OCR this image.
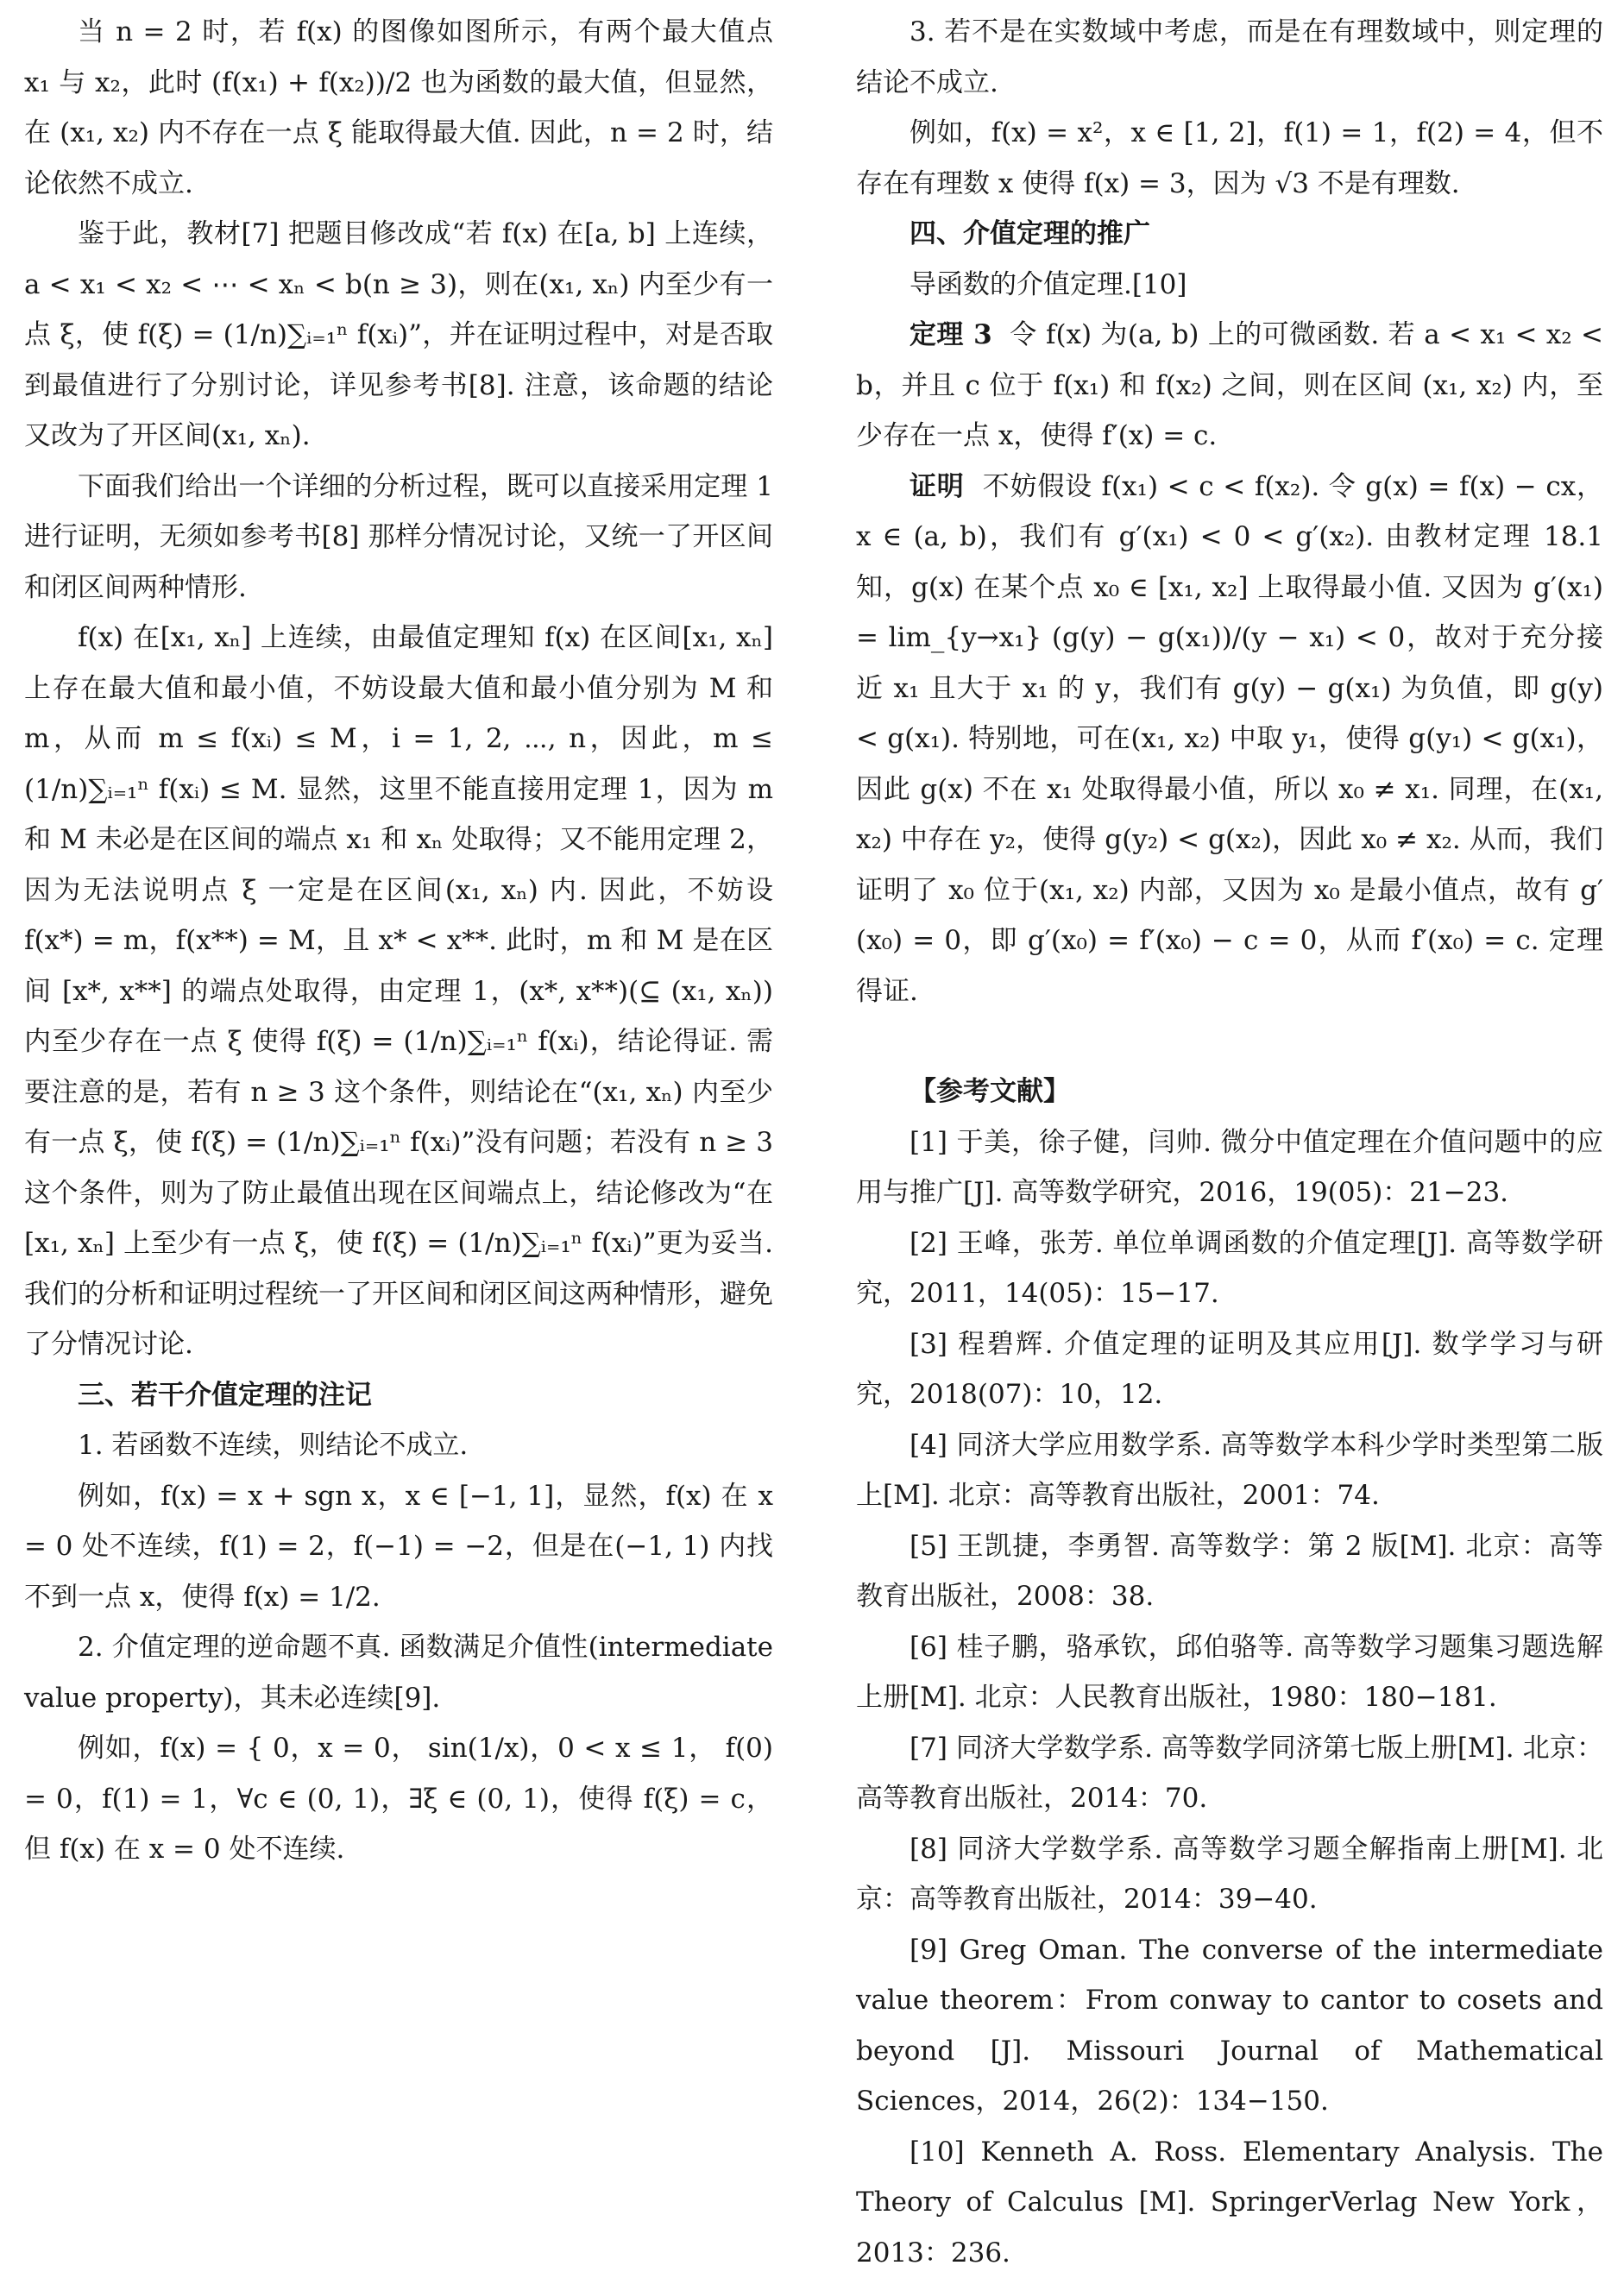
当 n = 2 时，若 f(x) 的图像如图所示，有两个最大值点 x₁ 与 x₂，此时 (f(x₁) + f(x₂))/2 也为函数的最大值，但显然，在 (x₁, x₂) 内不存在一点 ξ 能取得最大值. 因此，n = 2 时，结论依然不成立.

鉴于此，教材[7] 把题目修改成“若 f(x) 在[a, b] 上连续，a < x₁ < x₂ < ⋯ < xₙ < b(n ≥ 3)，则在(x₁, xₙ) 内至少有一点 ξ，使 f(ξ) = (1/n)∑ᵢ₌₁ⁿ f(xᵢ)”，并在证明过程中，对是否取到最值进行了分别讨论，详见参考书[8]. 注意，该命题的结论又改为了开区间(x₁, xₙ).

下面我们给出一个详细的分析过程，既可以直接采用定理 1 进行证明，无须如参考书[8] 那样分情况讨论，又统一了开区间和闭区间两种情形.

f(x) 在[x₁, xₙ] 上连续，由最值定理知 f(x) 在区间[x₁, xₙ] 上存在最大值和最小值，不妨设最大值和最小值分别为 M 和 m，从而 m ≤ f(xᵢ) ≤ M，i = 1, 2, ⋯, n，因此，m ≤ (1/n)∑ᵢ₌₁ⁿ f(xᵢ) ≤ M. 显然，这里不能直接用定理 1，因为 m 和 M 未必是在区间的端点 x₁ 和 xₙ 处取得；又不能用定理 2，因为无法说明点 ξ 一定是在区间(x₁, xₙ) 内. 因此，不妨设 f(x*) = m，f(x**) = M，且 x* < x**. 此时，m 和 M 是在区间 [x*, x**] 的端点处取得，由定理 1，(x*, x**)(⊆ (x₁, xₙ)) 内至少存在一点 ξ 使得 f(ξ) = (1/n)∑ᵢ₌₁ⁿ f(xᵢ)，结论得证. 需要注意的是，若有 n ≥ 3 这个条件，则结论在“(x₁, xₙ) 内至少有一点 ξ，使 f(ξ) = (1/n)∑ᵢ₌₁ⁿ f(xᵢ)”没有问题；若没有 n ≥ 3 这个条件，则为了防止最值出现在区间端点上，结论修改为“在[x₁, xₙ] 上至少有一点 ξ，使 f(ξ) = (1/n)∑ᵢ₌₁ⁿ f(xᵢ)”更为妥当. 我们的分析和证明过程统一了开区间和闭区间这两种情形，避免了分情况讨论.

三、若干介值定理的注记

1. 若函数不连续，则结论不成立.

例如，f(x) = x + sgn x，x ∈ [−1, 1]，显然，f(x) 在 x = 0 处不连续，f(1) = 2，f(−1) = −2，但是在(−1, 1) 内找不到一点 x，使得 f(x) = 1/2.

2. 介值定理的逆命题不真. 函数满足介值性(intermediate value property)，其未必连续[9].

例如，f(x) = { 0，x = 0， sin(1/x)，0 < x ≤ 1， f(0) = 0，f(1) = 1，∀c ∈ (0, 1)，∃ξ ∈ (0, 1)，使得 f(ξ) = c，但 f(x) 在 x = 0 处不连续.

3. 若不是在实数域中考虑，而是在有理数域中，则定理的结论不成立.

例如，f(x) = x²，x ∈ [1, 2]，f(1) = 1，f(2) = 4，但不存在有理数 x 使得 f(x) = 3，因为 √3 不是有理数.

四、介值定理的推广

导函数的介值定理.[10]

定理 3 令 f(x) 为(a, b) 上的可微函数. 若 a < x₁ < x₂ < b，并且 c 位于 f(x₁) 和 f(x₂) 之间，则在区间 (x₁, x₂) 内，至少存在一点 x，使得 f′(x) = c.

证明 不妨假设 f(x₁) < c < f(x₂). 令 g(x) = f(x) − cx，x ∈ (a, b)，我们有 g′(x₁) < 0 < g′(x₂). 由教材定理 18.1 知，g(x) 在某个点 x₀ ∈ [x₁, x₂] 上取得最小值. 又因为 g′(x₁) = lim_{y→x₁} (g(y) − g(x₁))/(y − x₁) < 0，故对于充分接近 x₁ 且大于 x₁ 的 y，我们有 g(y) − g(x₁) 为负值，即 g(y) < g(x₁). 特别地，可在(x₁, x₂) 中取 y₁，使得 g(y₁) < g(x₁)，因此 g(x) 不在 x₁ 处取得最小值，所以 x₀ ≠ x₁. 同理，在(x₁, x₂) 中存在 y₂，使得 g(y₂) < g(x₂)，因此 x₀ ≠ x₂. 从而，我们证明了 x₀ 位于(x₁, x₂) 内部，又因为 x₀ 是最小值点，故有 g′(x₀) = 0，即 g′(x₀) = f′(x₀) − c = 0，从而 f′(x₀) = c. 定理得证.

【参考文献】

[1] 于美，徐子健，闫帅. 微分中值定理在介值问题中的应用与推广[J]. 高等数学研究，2016，19(05)：21−23.

[2] 王峰，张芳. 单位单调函数的介值定理[J]. 高等数学研究，2011，14(05)：15−17.

[3] 程碧辉. 介值定理的证明及其应用[J]. 数学学习与研究，2018(07)：10，12.

[4] 同济大学应用数学系. 高等数学本科少学时类型第二版上[M]. 北京：高等教育出版社，2001：74.

[5] 王凯捷，李勇智. 高等数学：第 2 版[M]. 北京：高等教育出版社，2008：38.

[6] 桂子鹏，骆承钦，邱伯骆等. 高等数学习题集习题选解上册[M]. 北京：人民教育出版社，1980：180−181.

[7] 同济大学数学系. 高等数学同济第七版上册[M]. 北京：高等教育出版社，2014：70.

[8] 同济大学数学系. 高等数学习题全解指南上册[M]. 北京：高等教育出版社，2014：39−40.

[9] Greg Oman. The converse of the intermediate value theorem：From conway to cantor to cosets and beyond [J]. Missouri Journal of Mathematical Sciences，2014，26(2)：134−150.

[10] Kenneth A. Ross. Elementary Analysis. The Theory of Calculus [M]. SpringerVerlag New York，2013：236.
